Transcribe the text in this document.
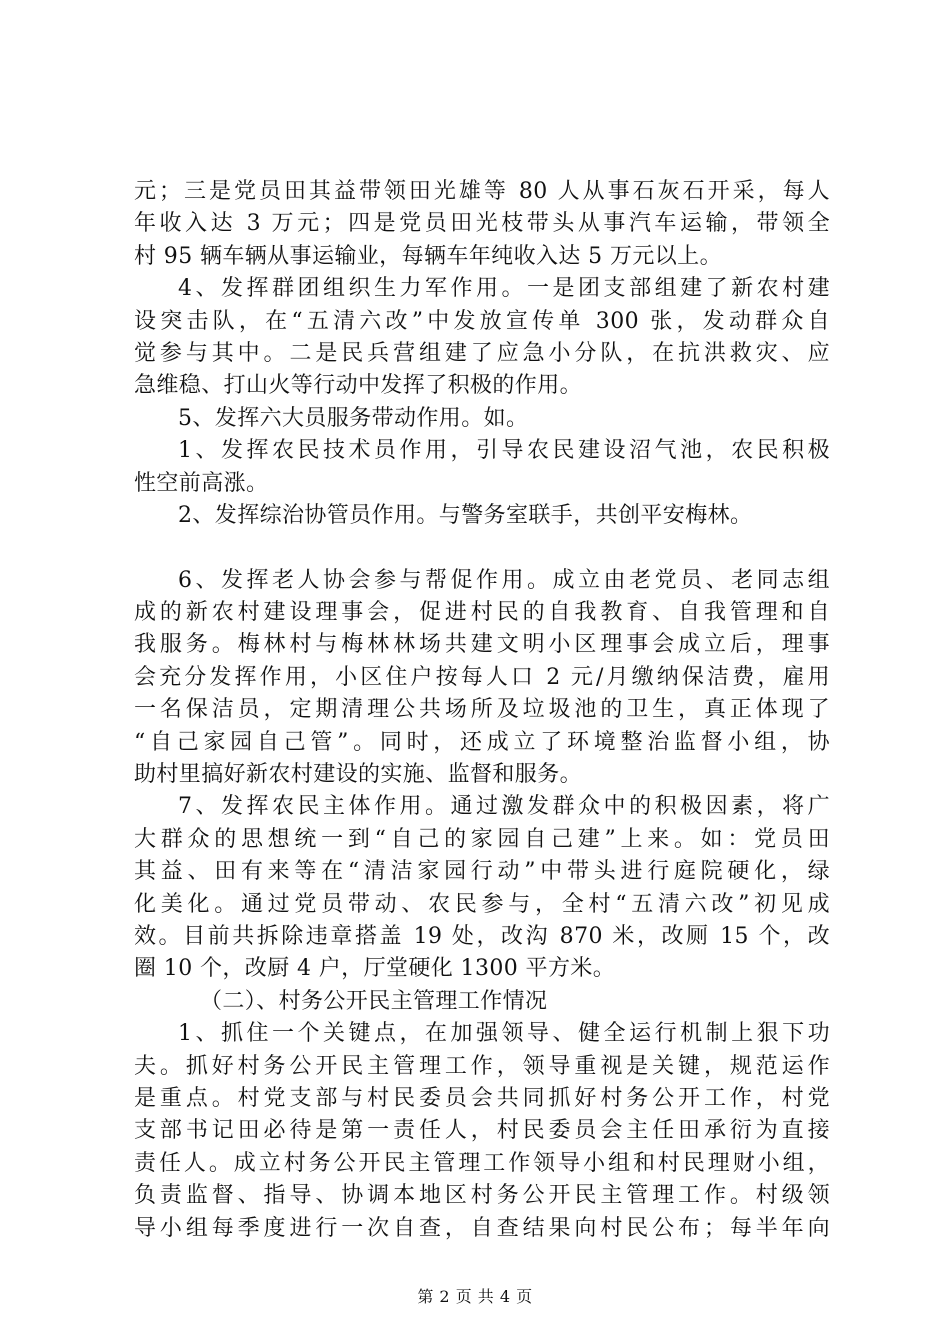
元；三是党员田其益带领田光雄等 80 人从事石灰石开采，每人
年收入达 3 万元；四是党员田光枝带头从事汽车运输，带领全
村 95 辆车辆从事运输业，每辆车年纯收入达 5 万元以上。
4、发挥群团组织生力军作用。一是团支部组建了新农村建
设突击队，在“五清六改”中发放宣传单 300 张，发动群众自
觉参与其中。二是民兵营组建了应急小分队，在抗洪救灾、应
急维稳、打山火等行动中发挥了积极的作用。
5、发挥六大员服务带动作用。如。
1、发挥农民技术员作用，引导农民建设沼气池，农民积极
性空前高涨。
2、发挥综治协管员作用。与警务室联手，共创平安梅林。
6、发挥老人协会参与帮促作用。成立由老党员、老同志组
成的新农村建设理事会，促进村民的自我教育、自我管理和自
我服务。梅林村与梅林林场共建文明小区理事会成立后，理事
会充分发挥作用，小区住户按每人口 2 元/月缴纳保洁费，雇用
一名保洁员，定期清理公共场所及垃圾池的卫生，真正体现了
“自己家园自己管”。同时，还成立了环境整治监督小组，协
助村里搞好新农村建设的实施、监督和服务。
7、发挥农民主体作用。通过激发群众中的积极因素，将广
大群众的思想统一到“自己的家园自己建”上来。如：党员田
其益、田有来等在“清洁家园行动”中带头进行庭院硬化，绿
化美化。通过党员带动、农民参与，全村“五清六改”初见成
效。目前共拆除违章搭盖 19 处，改沟 870 米，改厕 15 个，改
圈 10 个，改厨 4 户，厅堂硬化 1300 平方米。
（二）、村务公开民主管理工作情况
1、抓住一个关键点，在加强领导、健全运行机制上狠下功
夫。抓好村务公开民主管理工作，领导重视是关键，规范运作
是重点。村党支部与村民委员会共同抓好村务公开工作，村党
支部书记田必待是第一责任人，村民委员会主任田承衍为直接
责任人。成立村务公开民主管理工作领导小组和村民理财小组，
负责监督、指导、协调本地区村务公开民主管理工作。村级领
导小组每季度进行一次自查，自查结果向村民公布；每半年向
第 2 页 共 4 页
